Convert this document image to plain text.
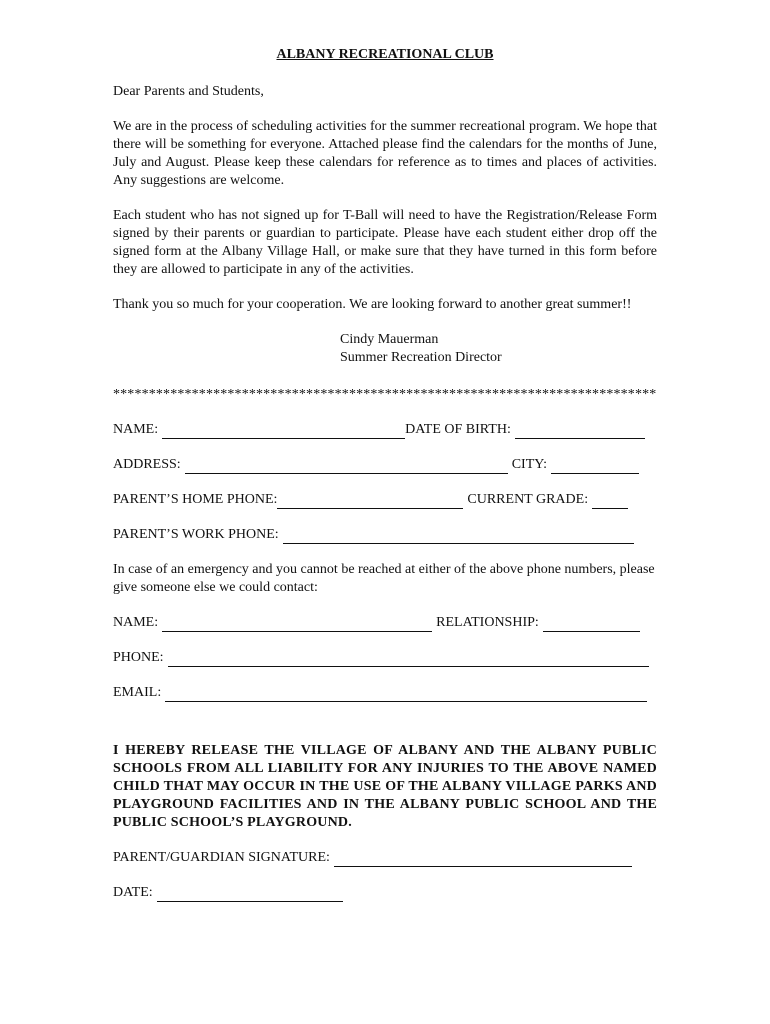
ALBANY RECREATIONAL CLUB
Dear Parents and Students,
We are in the process of scheduling activities for the summer recreational program. We hope that there will be something for everyone. Attached please find the calendars for the months of June, July and August. Please keep these calendars for reference as to times and places of activities. Any suggestions are welcome.
Each student who has not signed up for T-Ball will need to have the Registration/Release Form signed by their parents or guardian to participate. Please have each student either drop off the signed form at the Albany Village Hall, or make sure that they have turned in this form before they are allowed to participate in any of the activities.
Thank you so much for your cooperation. We are looking forward to another great summer!!
Cindy Mauerman
Summer Recreation Director
****************************************************************************
NAME:	DATE OF BIRTH:
ADDRESS:	CITY:
PARENT’S HOME PHONE:	CURRENT GRADE:
PARENT’S WORK PHONE:
In case of an emergency and you cannot be reached at either of the above phone numbers, please give someone else we could contact:
NAME:	RELATIONSHIP:
PHONE:
EMAIL:
I HEREBY RELEASE THE VILLAGE OF ALBANY AND THE ALBANY PUBLIC SCHOOLS FROM ALL LIABILITY FOR ANY INJURIES TO THE ABOVE NAMED CHILD THAT MAY OCCUR IN THE USE OF THE ALBANY VILLAGE PARKS AND PLAYGROUND FACILITIES AND IN THE ALBANY PUBLIC SCHOOL AND THE PUBLIC SCHOOL’S PLAYGROUND.
PARENT/GUARDIAN SIGNATURE:
DATE:
